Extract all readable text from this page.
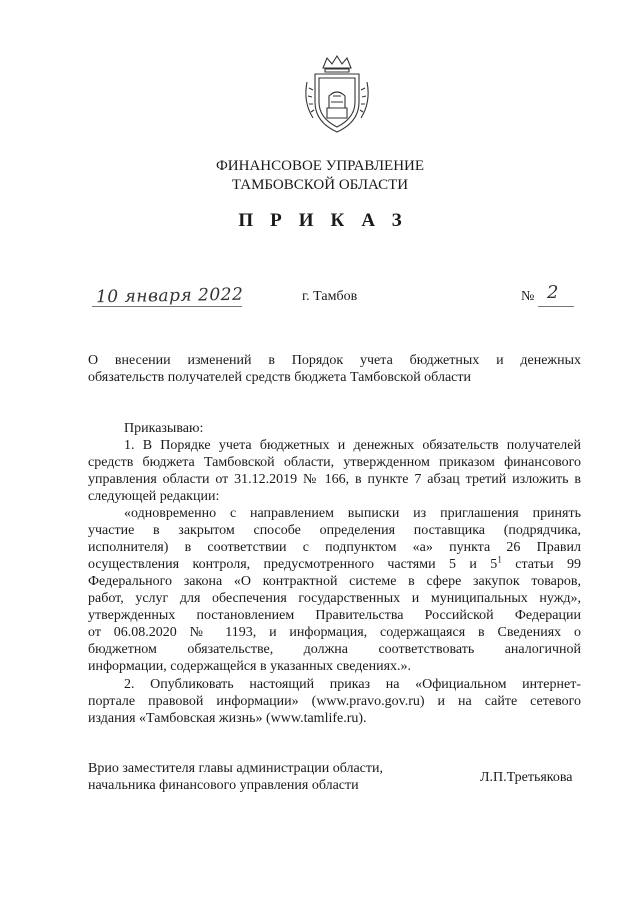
ФИНАНСОВОЕ УПРАВЛЕНИЕ
ТАМБОВСКОЙ ОБЛАСТИ
ПРИКАЗ
10 января 2022	г. Тамбов	№ 2
О внесении изменений в Порядок учета бюджетных и денежных
обязательств получателей средств бюджета Тамбовской области
Приказываю:
1. В Порядке учета бюджетных и денежных обязательств получателей
средств бюджета Тамбовской области, утвержденном приказом финансового
управления области от 31.12.2019 № 166, в пункте 7 абзац третий изложить в
следующей редакции:
«одновременно с направлением выписки из приглашения принять
участие в закрытом способе определения поставщика (подрядчика,
исполнителя) в соответствии с подпунктом «а» пункта 26 Правил
осуществления контроля, предусмотренного частями 5 и $5^1$ статьи 99
Федерального закона «О контрактной системе в сфере закупок товаров,
работ, услуг для обеспечения государственных и муниципальных нужд»,
утвержденных постановлением Правительства Российской Федерации
от 06.08.2020 № 1193, и информация, содержащаяся в Сведениях о
бюджетном обязательстве, должна соответствовать аналогичной
информации, содержащейся в указанных сведениях.».
2. Опубликовать настоящий приказ на «Официальном интернет-
портале правовой информации» (www.pravo.gov.ru) и на сайте сетевого
издания «Тамбовская жизнь» (www.tamlife.ru).
Врио заместителя главы администрации области,
начальника финансового управления области
Л.П.Третьякова
